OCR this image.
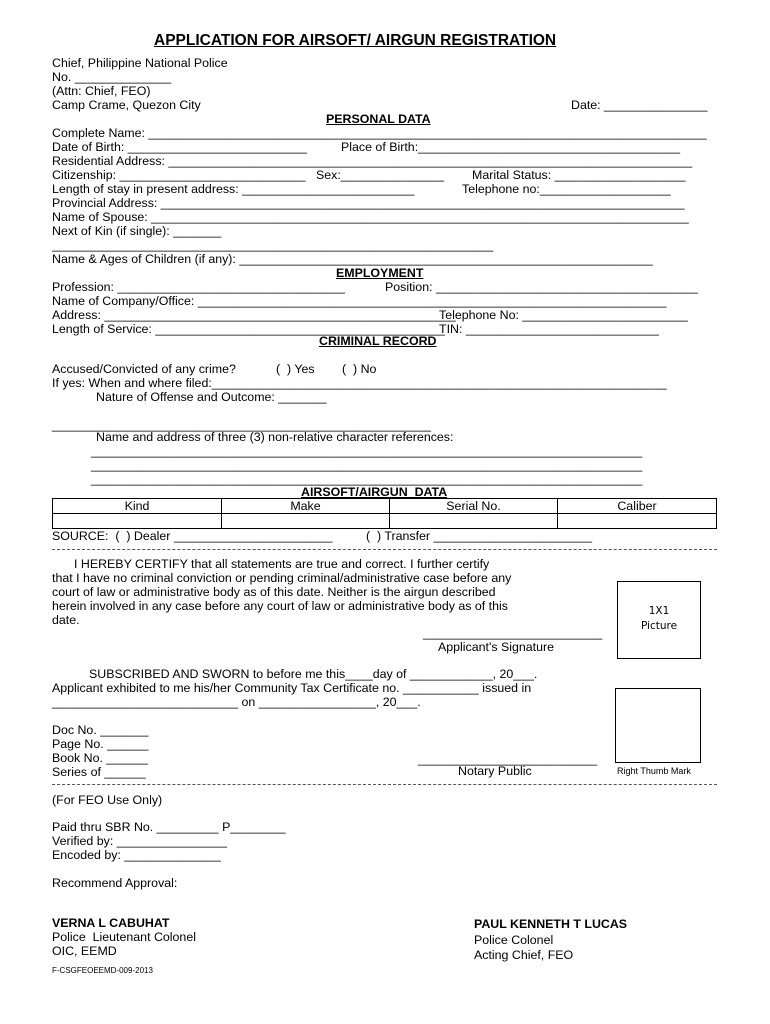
APPLICATION FOR AIRSOFT/ AIRGUN REGISTRATION
Chief, Philippine National Police
No. ______________
(Attn: Chief, FEO)
Camp Crame, Quezon City	Date: _______________
PERSONAL DATA
Complete Name: _________________________________________________________________________________
Date of Birth: __________________________	Place of Birth:______________________________________
Residential Address: ____________________________________________________________________________
Citizenship: ___________________________ Sex:_______________ Marital Status: ___________________
Length of stay in present address: _________________________	Telephone no:___________________
Provincial Address: ____________________________________________________________________________
Name of Spouse: ______________________________________________________________________________
Next of Kin (if single): _______
________________________________________________________________
Name & Ages of Children (if any): ____________________________________________________________
EMPLOYMENT
Profession: _________________________________	Position: ______________________________________
Name of Company/Office: ____________________________________________________________________
Address: ___________________________________________________
Telephone No: ________________________
Length of Service: __________________________________________
TIN: ____________________________
CRIMINAL RECORD
Accused/Convicted of any crime?	(  ) Yes (  ) No
If yes: When and where filed:__________________________________________________________________
Nature of Offense and Outcome: _______
_______________________________________________________
Name and address of three (3) non-relative character references:
________________________________________________________________________________
________________________________________________________________________________
________________________________________________________________________________
AIRSOFT/AIRGUN  DATA
Kind	Make	Serial No.	Caliber

SOURCE:  (  ) Dealer _______________________	(  ) Transfer _______________________
I HEREBY CERTIFY that all statements are true and correct. I further certify
that I have no criminal conviction or pending criminal/administrative case before any
court of law or administrative body as of this date. Neither is the airgun described
herein involved in any case before any court of law or administrative body as of this
date.
__________________________
Applicant's Signature
1X1
Picture
SUBSCRIBED AND SWORN to before me this____day of ____________, 20___.
Applicant exhibited to me his/her Community Tax Certificate no. ___________ issued in
___________________________ on _________________, 20___.
Right Thumb Mark
Doc No. _______
Page No. ______
Book No. ______
Series of ______
__________________________
Notary Public
(For FEO Use Only)
Paid thru SBR No. _________ P________
Verified by: ________________
Encoded by: ______________
Recommend Approval:
VERNA L CABUHAT
Police  Lieutenant Colonel
OIC, EEMD
PAUL KENNETH T LUCAS
Police Colonel
Acting Chief, FEO
F-CSGFEOEEMD-009-2013
